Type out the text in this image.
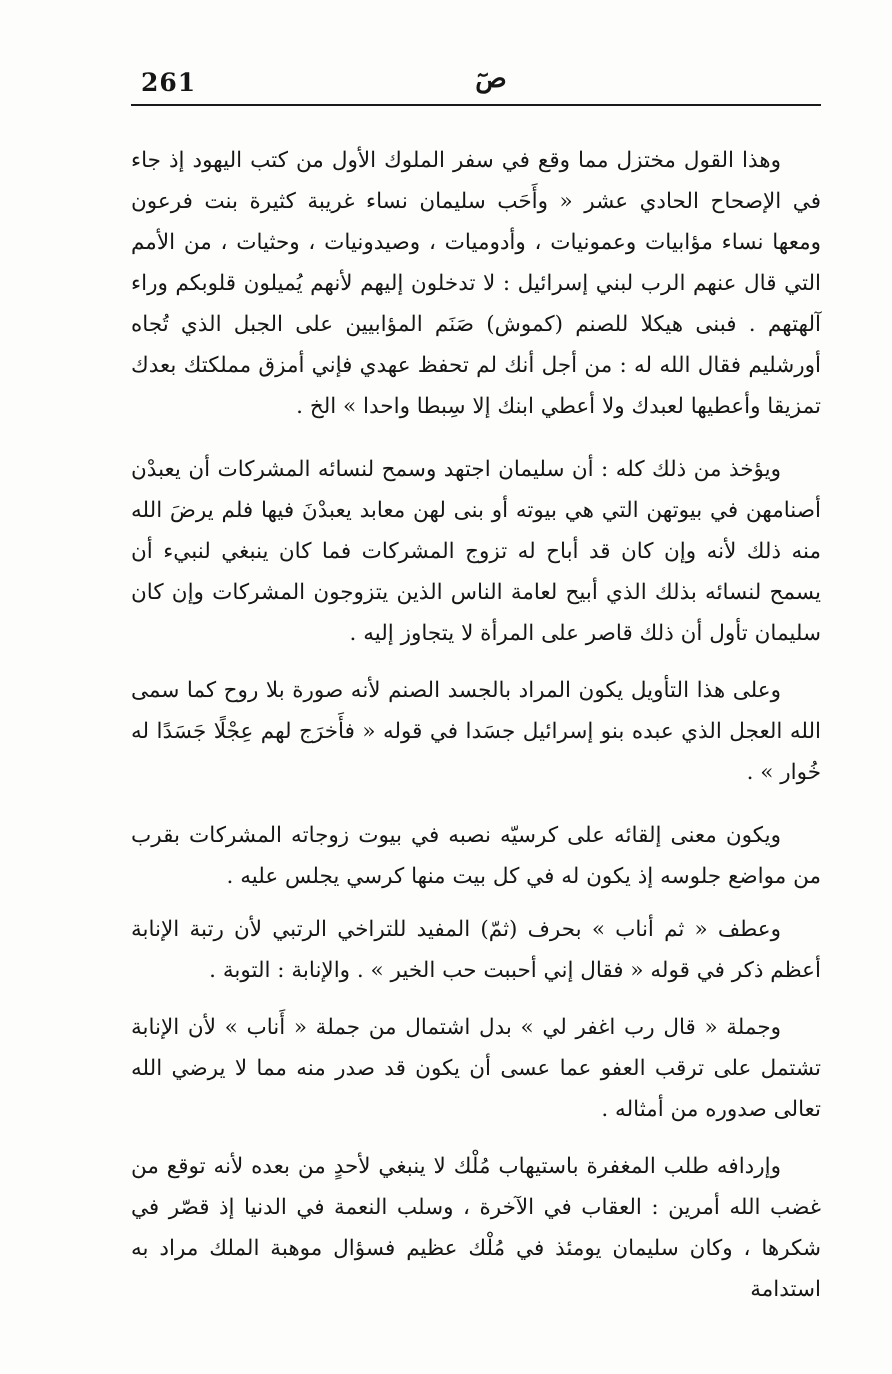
261	صٓ

وهذا القول مختزل مما وقع في سفر الملوك الأول من كتب اليهود إذ جاء في الإصحاح الحادي عشر « وأَحَب سليمان نساء غريبة كثيرة بنت فرعون ومعها نساء مؤابيات وعمونيات ، وأدوميات ، وصيدونيات ، وحثيات ، من الأمم التي قال عنهم الرب لبني إسرائيل : لا تدخلون إليهم لأنهم يُميلون قلوبكم وراء آلهتهم . فبنى هيكلا للصنم (كموش) صَنَم المؤابيين على الجبل الذي تُجاه أورشليم فقال الله له : من أجل أنك لم تحفظ عهدي فإني أمزق مملكتك بعدك تمزيقا وأعطيها لعبدك ولا أعطي ابنك إلا سِبطا واحدا » الخ .

ويؤخذ من ذلك كله : أن سليمان اجتهد وسمح لنسائه المشركات أن يعبدْن أصنامهن في بيوتهن التي هي بيوته أو بنى لهن معابد يعبدْنَ فيها فلم يرضَ الله منه ذلك لأنه وإن كان قد أباح له تزوج المشركات فما كان ينبغي لنبيء أن يسمح لنسائه بذلك الذي أبيح لعامة الناس الذين يتزوجون المشركات وإن كان سليمان تأول أن ذلك قاصر على المرأة لا يتجاوز إليه .

وعلى هذا التأويل يكون المراد بالجسد الصنم لأنه صورة بلا روح كما سمى الله العجل الذي عبده بنو إسرائيل جسَدا في قوله « فأَخرَج لهم عِجْلًا جَسَدًا له خُوار » .

ويكون معنى إلقائه على كرسيّه نصبه في بيوت زوجاته المشركات بقرب من مواضع جلوسه إذ يكون له في كل بيت منها كرسي يجلس عليه .

وعطف « ثم أناب » بحرف (ثمّ) المفيد للتراخي الرتبي لأن رتبة الإنابة أعظم ذكر في قوله « فقال إني أحببت حب الخير » . والإنابة : التوبة .

وجملة « قال رب اغفر لي » بدل اشتمال من جملة « أَناب » لأن الإنابة تشتمل على ترقب العفو عما عسى أن يكون قد صدر منه مما لا يرضي الله تعالى صدوره من أمثاله .

وإردافه طلب المغفرة باستيهاب مُلْك لا ينبغي لأحدٍ من بعده لأنه توقع من غضب الله أمرين : العقاب في الآخرة ، وسلب النعمة في الدنيا إذ قصّر في شكرها ، وكان سليمان يومئذ في مُلْك عظيم فسؤال موهبة الملك مراد به استدامة
